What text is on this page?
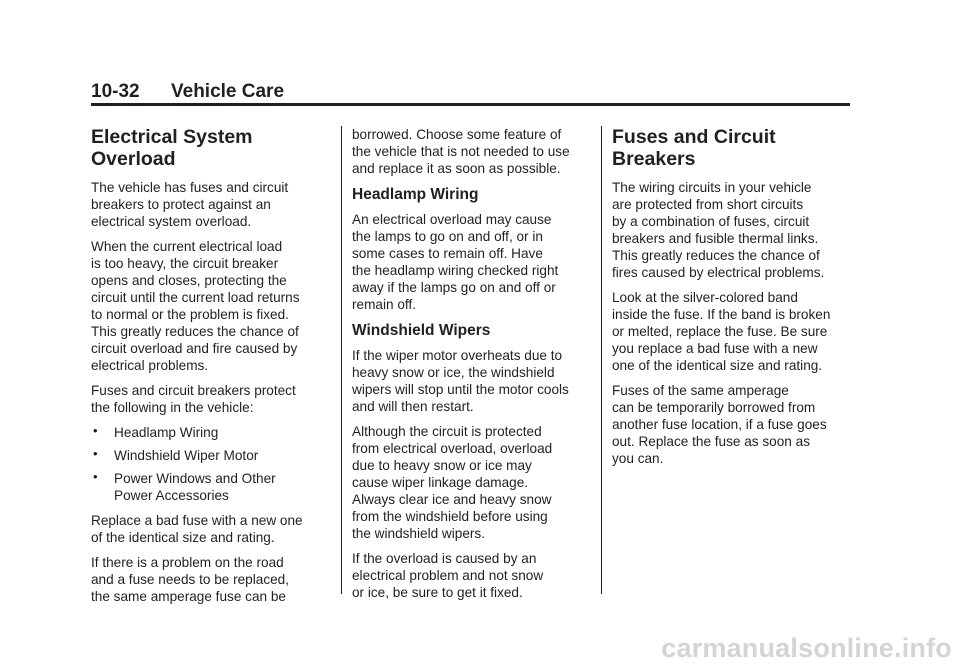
10-32 Vehicle Care
Electrical System
Overload

The vehicle has fuses and circuit
breakers to protect against an
electrical system overload.

When the current electrical load
is too heavy, the circuit breaker
opens and closes, protecting the
circuit until the current load returns
to normal or the problem is fixed.
This greatly reduces the chance of
circuit overload and fire caused by
electrical problems.

Fuses and circuit breakers protect
the following in the vehicle:

• Headlamp Wiring
• Windshield Wiper Motor
• Power Windows and Other
Power Accessories

Replace a bad fuse with a new one
of the identical size and rating.

If there is a problem on the road
and a fuse needs to be replaced,
the same amperage fuse can be

borrowed. Choose some feature of
the vehicle that is not needed to use
and replace it as soon as possible.

Headlamp Wiring

An electrical overload may cause
the lamps to go on and off, or in
some cases to remain off. Have
the headlamp wiring checked right
away if the lamps go on and off or
remain off.

Windshield Wipers

If the wiper motor overheats due to
heavy snow or ice, the windshield
wipers will stop until the motor cools
and will then restart.

Although the circuit is protected
from electrical overload, overload
due to heavy snow or ice may
cause wiper linkage damage.
Always clear ice and heavy snow
from the windshield before using
the windshield wipers.

If the overload is caused by an
electrical problem and not snow
or ice, be sure to get it fixed.

Fuses and Circuit
Breakers

The wiring circuits in your vehicle
are protected from short circuits
by a combination of fuses, circuit
breakers and fusible thermal links.
This greatly reduces the chance of
fires caused by electrical problems.

Look at the silver-colored band
inside the fuse. If the band is broken
or melted, replace the fuse. Be sure
you replace a bad fuse with a new
one of the identical size and rating.

Fuses of the same amperage
can be temporarily borrowed from
another fuse location, if a fuse goes
out. Replace the fuse as soon as
you can.

carmanualsonline.info
